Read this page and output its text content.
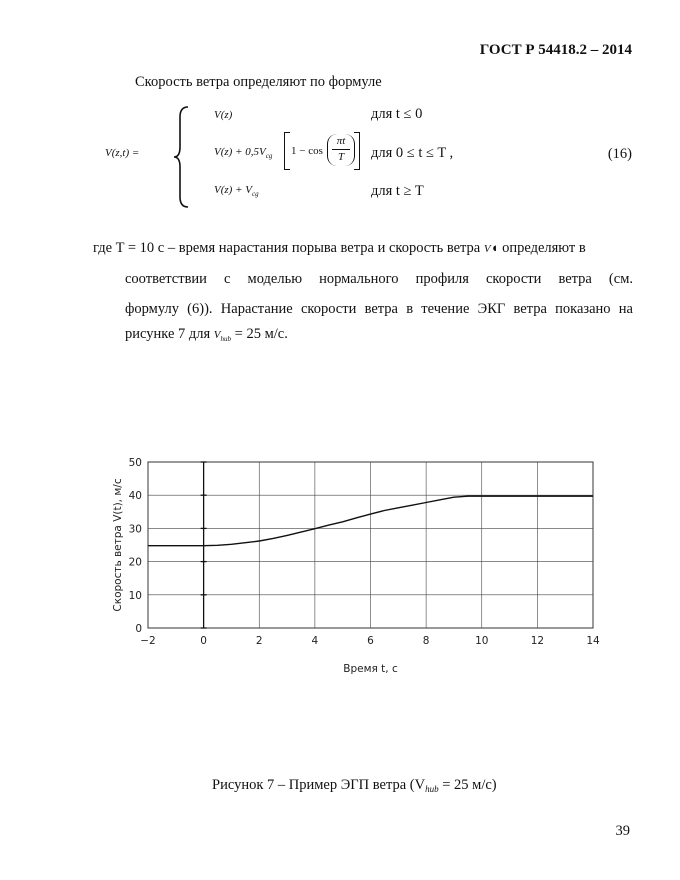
ГОСТ Р 54418.2 – 2014
Скорость ветра определяют по формуле
V(z,t) =
V(z)	для t ≤ 0
$V(z) + 0,5V_{cg}$ 1 − cos
πt
T	для 0 ≤ t ≤ T ,
$V(z) + V_{cg}$	для t ≥ T
(16)
где T = 10 с – время нарастания порыва ветра и скорость ветра V◖ определяют в
соответствии с моделью нормального профиля скорости ветра (см.
формулу (6)). Нарастание скорости ветра в течение ЭКГ ветра показано на
рисунке 7 для $V_{hub} = 25$ м/с.
−2	0	2	4	6	8	10	12	14
0
10
20
30
40
50
Время t, с
Скорость ветра V(t), м/с
Рисунок 7 – Пример ЭГП ветра ($V_{hub} = 25$ м/с)
39
